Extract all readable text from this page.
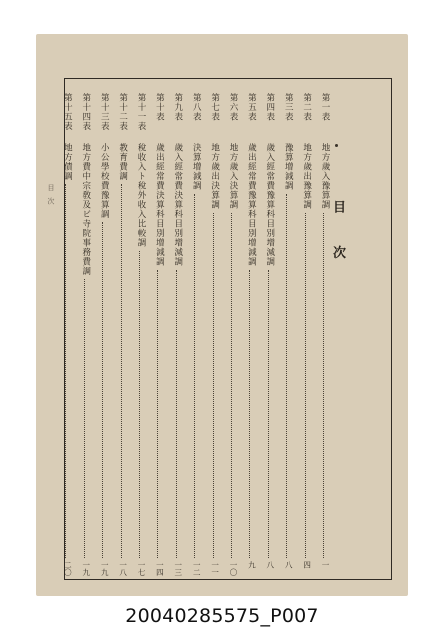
目 次
目 次
第一表
地方歲入豫算調
一
第二表
地方歲出豫算調
四
第三表
豫算增減調
八
第四表
歲入經常費豫算科目別增減調
八
第五表
歲出經常費豫算科目別增減調
九
第六表
地方歲入決算調
一〇
第七表
地方歲出決算調
一一
第八表
決算增減調
一二
第九表
歲入經常費決算科目別增減調
一三
第十表
歲出經常費決算科目別增減調
一四
第十一表
稅收入ト稅外收入比較調
一七
第十二表
教育費調
一八
第十三表
小公學校費豫算調
一九
第十四表
地方費中宗敎及ビ寺院事務費調
一九
第十五表
地方債調
二〇
20040285575_P007
